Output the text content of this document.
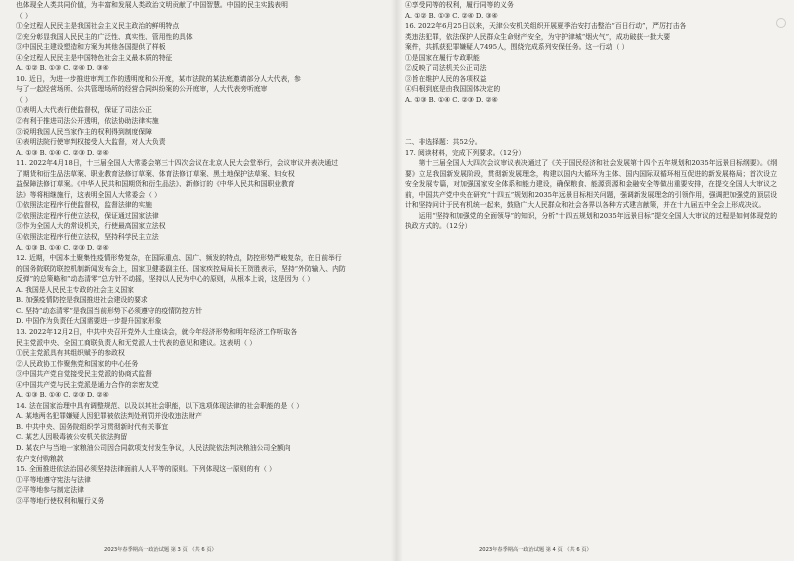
也体现全人类共同价值，为丰富和发展人类政治文明贡献了中国智慧。中国的民主实践表明
（ ）
①全过程人民民主是我国社会主义民主政治的鲜明特点
②充分彰显我国人民民主的广泛性、真实性、管用性的具体
③中国民主建设塑造和方案为其他各国提供了样板
④全过程人民民主是中国特色社会主义最本质的特征
A. ①② B. ①③ C. ②④ D. ③④
10. 近日，为进一步推进审判工作的透明度和公开度，某市法院的某法庭邀请部分人大代表，参
与了一起经营场所、公共管理场所的经营合同纠纷案的公开庭审，人大代表旁听庭审
（ ）
①表明人大代表行使监督权，保证了司法公正
②有利于推进司法公开透明，依法协助法律实施
③说明我国人民当家作主的权利得到制度保障
④表明法院行使审判权接受人大监督，对人大负责
A. ①③ B. ①④ C. ②③ D. ②④
11. 2022年4月18日，十三届全国人大常委会第三十四次会议在北京人民大会堂举行，会议审议并表决通过
了期货和衍生品法草案、职业教育法修订草案、体育法修订草案、黑土地保护法草案、妇女权
益保障法修订草案。《中华人民共和国期货和衍生品法》、新修订的《中华人民共和国职业教育
法》等将相继施行，这表明全国人大常委会（ ）
①依照法定程序行使监督权，监督法律的实施
②依照法定程序行使立法权，保证通过国家法律
③作为全国人大的常设机关，行使最高国家立法权
④依照法定程序行使立法权，坚持科学民主立法
A. ①③ B. ①④ C. ②③ D. ②④
12. 近期，中国本土聚集性疫情形势复杂，在国际重点、国广、频发的特点，防控形势严峻复杂，在日前举行
的国务院联防联控机制新闻发布会上，国家卫健委副主任、国家疾控局局长王贺胜表示，坚持“外防输入、内防
反弹”的总策略和“动态清零”总方针不动摇，坚持以人民为中心的原则，从根本上说，这是因为（ ）
A. 我国是人民民主专政的社会主义国家
B. 加强疫情防控是我国推进社会建设的要求
C. 坚持“动态清零”是我国当前形势下必须遵守的疫情防控方针
D. 中国作为负责任大国需要进一步提升国家形象
13. 2022年12月2日，中共中央召开党外人士座谈会，就今年经济形势和明年经济工作听取各
民主党派中央、全国工商联负责人和无党派人士代表的意见和建议。这表明（ ）
①民主党派具有其组织赋予的参政权
②人民政协工作聚焦党和国家的中心任务
③中国共产党自觉接受民主党派的协商式监督
④中国共产党与民主党派是通力合作的亲密友党
A. ①③ B. ①④ C. ②③ D. ②④
14. 法在国家治理中具有调整规范、以及以其社会职能，以下选项体现法律的社会职能的是（ ）
A. 某地两名犯罪嫌疑人因犯罪被依法判处刑罚并没收违法财产
B. 中共中央、国务院组织学习贯彻新时代有关事宜
C. 某艺人因吸毒被公安机关依法拘留
D. 某农户与当地一家粮油公司因合同款项支付发生争议，人民法院依法判决粮油公司全额向
农户支付购粮款
15. 全面推进依法治国必须坚持法律面前人人平等的原则。下列体现这一原则的有（ ）
①平等地遵守宪法与法律
②平等地参与制定法律
③平等地行使权利和履行义务
2023年春季期高一政治试题 第 3 页 （共 6 页）
④享受同等的权利，履行同等的义务
A. ①② B. ①③ C. ②④ D. ③④
16. 2022年6月25日以来，天津公安机关组织开展夏季治安打击整治“百日行动”，严厉打击各
类违法犯罪，依法保护人民群众生命财产安全，为守护津城“烟火气”，成功破获一批大要
案件，共抓获犯罪嫌疑人7495人，围绕完成系列安保任务。这一行动（ ）
①是国家在履行专政职能
②反映了司法机关公正司法
③旨在维护人民的各项权益
④归根到底是由我国国体决定的
A. ①③ B. ①④ C. ②③ D. ②④
二、非选择题：共52分。
17. 阅读材料，完成下列要求。（12分）
第十三届全国人大四次会议审议表决通过了《关于国民经济和社会发展第十四个五年规划和2035年远景目标纲要》。《纲要》立足我国新发展阶段，贯彻新发展理念，构建以国内大循环为主体、国内国际双循环相互促进的新发展格局；首次设立安全发展专篇，对加强国家安全体系和能力建设，确保粮食、能源资源和金融安全等做出重要安排，在提交全国人大审议之前，中国共产党中央在研究“十四五”规划和2035年远景目标相关问题，强调新发展理念的引领作用，强调把加强党的顶层设计和坚持问计于民有机统一起来，鼓励广大人民群众和社会各界以各种方式建言献策，并在十九届五中全会上形成决议。
运用“坚持和加强党的全面领导”的知识，分析“十四五规划和2035年远景目标”提交全国人大审议的过程是如何体现党的执政方式的。（12分）
2023年春季期高一政治试题 第 4 页 （共 6 页）
